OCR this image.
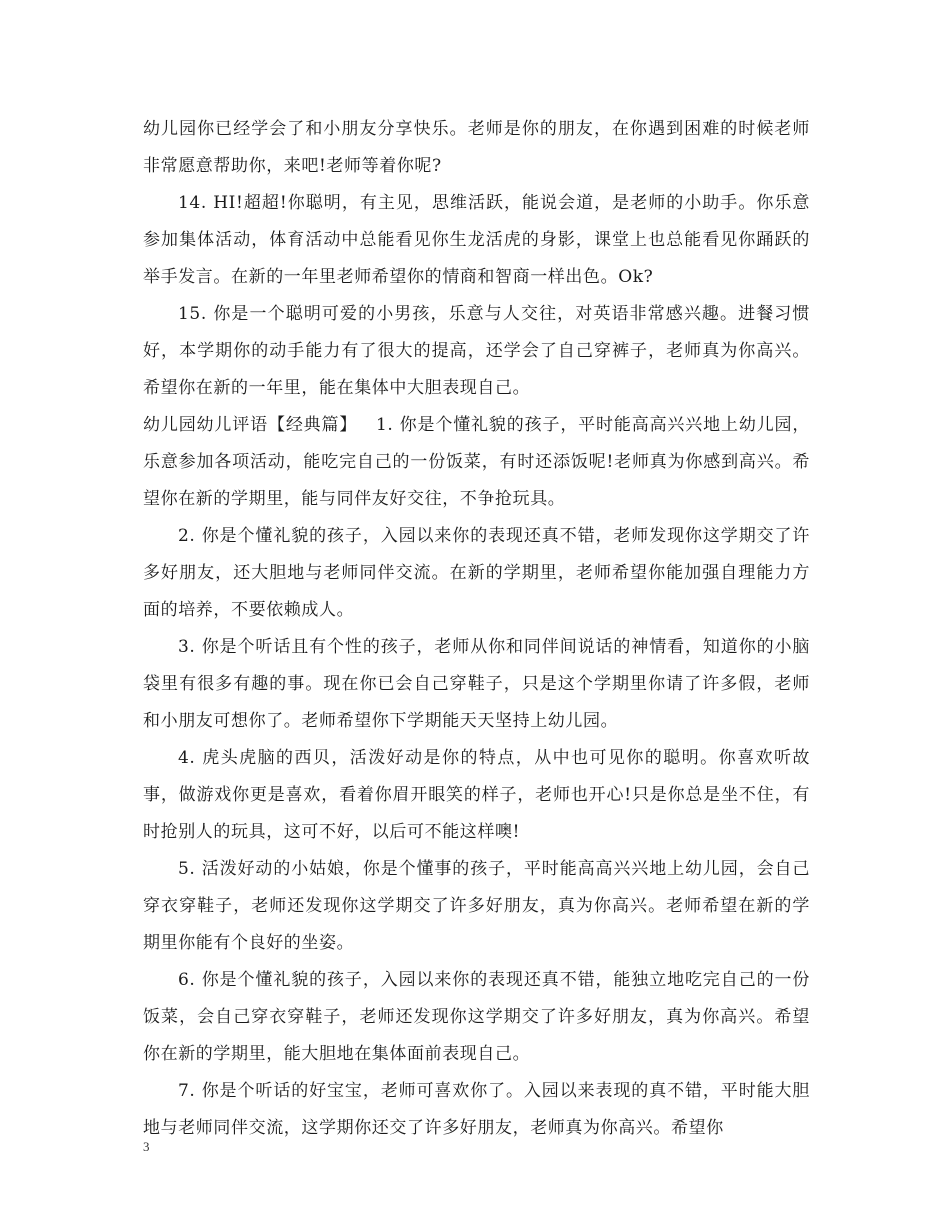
幼儿园你已经学会了和小朋友分享快乐。老师是你的朋友，在你遇到困难的时候老师非常愿意帮助你，来吧!老师等着你呢?

14. HI!超超!你聪明，有主见，思维活跃，能说会道，是老师的小助手。你乐意参加集体活动，体育活动中总能看见你生龙活虎的身影，课堂上也总能看见你踊跃的举手发言。在新的一年里老师希望你的情商和智商一样出色。Ok?

15. 你是一个聪明可爱的小男孩，乐意与人交往，对英语非常感兴趣。进餐习惯好，本学期你的动手能力有了很大的提高，还学会了自己穿裤子，老师真为你高兴。希望你在新的一年里，能在集体中大胆表现自己。

幼儿园幼儿评语【经典篇】   1. 你是个懂礼貌的孩子，平时能高高兴兴地上幼儿园，乐意参加各项活动，能吃完自己的一份饭菜，有时还添饭呢!老师真为你感到高兴。希望你在新的学期里，能与同伴友好交往，不争抢玩具。

2. 你是个懂礼貌的孩子，入园以来你的表现还真不错，老师发现你这学期交了许多好朋友，还大胆地与老师同伴交流。在新的学期里，老师希望你能加强自理能力方面的培养，不要依赖成人。

3. 你是个听话且有个性的孩子，老师从你和同伴间说话的神情看，知道你的小脑袋里有很多有趣的事。现在你已会自己穿鞋子，只是这个学期里你请了许多假，老师和小朋友可想你了。老师希望你下学期能天天坚持上幼儿园。

4. 虎头虎脑的西贝，活泼好动是你的特点，从中也可见你的聪明。你喜欢听故事，做游戏你更是喜欢，看着你眉开眼笑的样子，老师也开心!只是你总是坐不住，有时抢别人的玩具，这可不好，以后可不能这样噢!

5. 活泼好动的小姑娘，你是个懂事的孩子，平时能高高兴兴地上幼儿园，会自己穿衣穿鞋子，老师还发现你这学期交了许多好朋友，真为你高兴。老师希望在新的学期里你能有个良好的坐姿。

6. 你是个懂礼貌的孩子，入园以来你的表现还真不错，能独立地吃完自己的一份饭菜，会自己穿衣穿鞋子，老师还发现你这学期交了许多好朋友，真为你高兴。希望你在新的学期里，能大胆地在集体面前表现自己。

7. 你是个听话的好宝宝，老师可喜欢你了。入园以来表现的真不错，平时能大胆地与老师同伴交流，这学期你还交了许多好朋友，老师真为你高兴。希望你

3
